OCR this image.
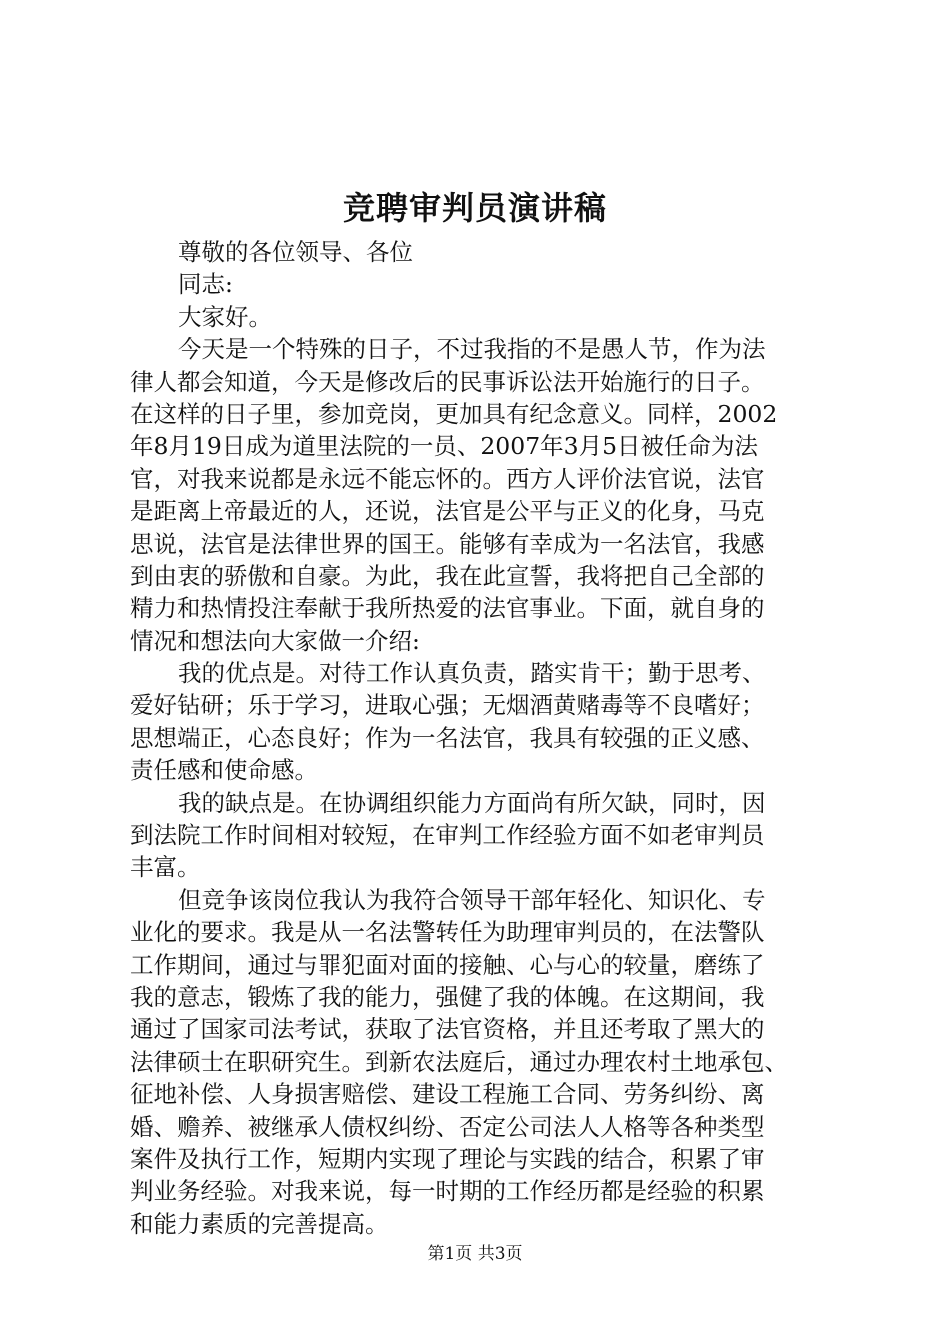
竞聘审判员演讲稿
尊敬的各位领导、各位
同志:
大家好。
今天是一个特殊的日子，不过我指的不是愚人节，作为法
律人都会知道，今天是修改后的民事诉讼法开始施行的日子。
在这样的日子里，参加竞岗，更加具有纪念意义。同样，2002
年8月19日成为道里法院的一员、2007年3月5日被任命为法
官，对我来说都是永远不能忘怀的。西方人评价法官说，法官
是距离上帝最近的人，还说，法官是公平与正义的化身，马克
思说，法官是法律世界的国王。能够有幸成为一名法官，我感
到由衷的骄傲和自豪。为此，我在此宣誓，我将把自己全部的
精力和热情投注奉献于我所热爱的法官事业。下面，就自身的
情况和想法向大家做一介绍:
我的优点是。对待工作认真负责，踏实肯干；勤于思考、
爱好钻研；乐于学习，进取心强；无烟酒黄赌毒等不良嗜好；
思想端正，心态良好；作为一名法官，我具有较强的正义感、
责任感和使命感。
我的缺点是。在协调组织能力方面尚有所欠缺，同时，因
到法院工作时间相对较短，在审判工作经验方面不如老审判员
丰富。
但竞争该岗位我认为我符合领导干部年轻化、知识化、专
业化的要求。我是从一名法警转任为助理审判员的，在法警队
工作期间，通过与罪犯面对面的接触、心与心的较量，磨练了
我的意志，锻炼了我的能力，强健了我的体魄。在这期间，我
通过了国家司法考试，获取了法官资格，并且还考取了黑大的
法律硕士在职研究生。到新农法庭后，通过办理农村土地承包、
征地补偿、人身损害赔偿、建设工程施工合同、劳务纠纷、离
婚、赡养、被继承人债权纠纷、否定公司法人人格等各种类型
案件及执行工作，短期内实现了理论与实践的结合，积累了审
判业务经验。对我来说，每一时期的工作经历都是经验的积累
和能力素质的完善提高。
第1页 共3页
